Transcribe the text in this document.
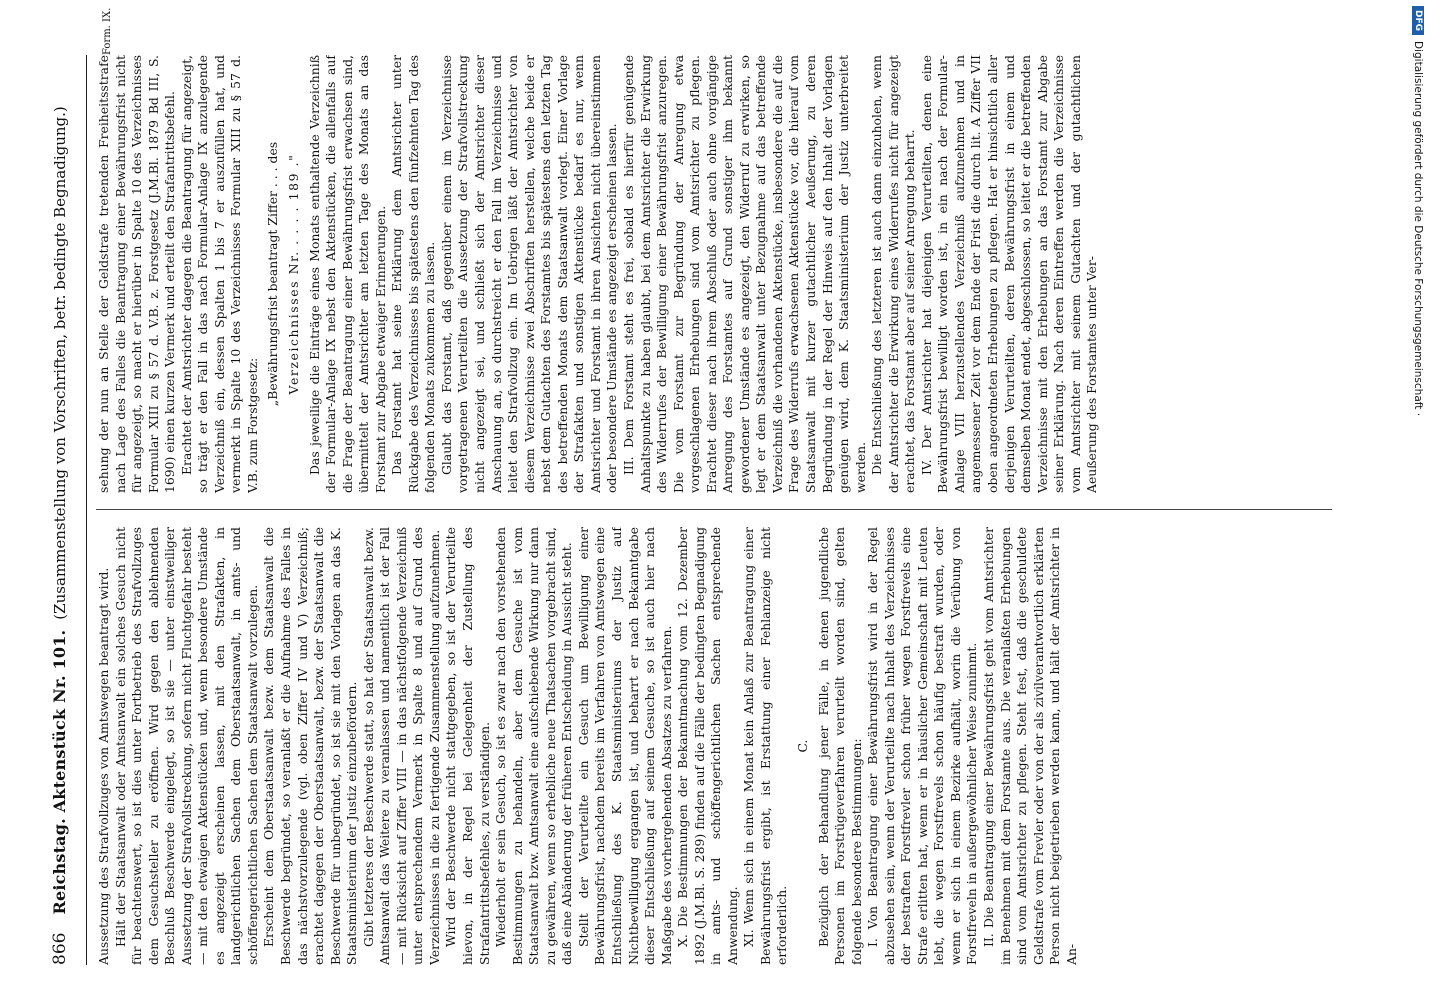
866
Reichstag. Aktenstück Nr. 101.
(Zusammenstellung von Vorschriften, betr. bedingte Begnadigung.)

Aussetzung des Strafvollzuges von Amtswegen beantragt wird. Hält der Staatsanwalt oder Amtsanwalt ein solches Gesuch nicht für beachtenswert, so ist dies unter Fortbetrieb des Strafvollzuges dem Gesuchsteller zu eröffnen. Wird gegen den ablehnenden Beschluß Beschwerde eingelegt, so ist sie — unter einstweiliger Aussetzung der Strafvollstreckung, sofern nicht Fluchtgefahr besteht — mit den etwaigen Aktenstücken und, wenn besondere Umstände es angezeigt erscheinen lassen, mit den Strafakten, in landgerichtlichen Sachen dem Oberstaatsanwalt, in amts- und schöffengerichtlichen Sachen dem Staatsanwalt vorzulegen. Erscheint dem Oberstaatsanwalt bezw. dem Staatsanwalt die Beschwerde begründet, so veranlaßt er die Aufnahme des Falles in das nächstvorzulegende (vgl. oben Ziffer IV und V) Verzeichniß; erachtet dagegen der Oberstaatsanwalt, bezw. der Staatsanwalt die Beschwerde für unbegründet, so ist sie mit den Vorlagen an das K. Staatsministerium der Justiz einzubefördern. Gibt letzteres der Beschwerde statt, so hat der Staatsanwalt bezw. Amtsanwalt das Weitere zu veranlassen und namentlich ist der Fall — mit Rücksicht auf Ziffer VIII — in das nächstfolgende Verzeichniß unter entsprechendem Vermerk in Spalte 8 und auf Grund des Verzeichnisses in die zu fertigende Zusammenstellung aufzunehmen. Wird der Beschwerde nicht stattgegeben, so ist der Verurteilte hievon, in der Regel bei Gelegenheit der Zustellung des Strafantrittsbefehles, zu verständigen. Wiederholt er sein Gesuch, so ist es zwar nach den vorstehenden Bestimmungen zu behandeln, aber dem Gesuche ist vom Staatsanwalt bzw. Amtsanwalt eine aufschiebende Wirkung nur dann zu gewähren, wenn so erhebliche neue Thatsachen vorgebracht sind, daß eine Abänderung der früheren Entscheidung in Aussicht steht. Stellt der Verurteilte ein Gesuch um Bewilligung einer Bewährungsfrist, nachdem bereits im Verfahren von Amtswegen eine Entschließung des K. Staatsministeriums der Justiz auf Nichtbewilligung ergangen ist, und beharrt er nach Bekanntgabe dieser Entschließung auf seinem Gesuche, so ist auch hier nach Maßgabe des vorhergehenden Absatzes zu verfahren. X. Die Bestimmungen der Bekanntmachung vom 12. Dezember 1892 (J.M.Bl. S. 289) finden auf die Fälle der bedingten Begnadigung in amts- und schöffengerichtlichen Sachen entsprechende Anwendung. XI. Wenn sich in einem Monat kein Anlaß zur Beantragung einer Bewährungsfrist ergibt, ist Erstattung einer Fehlanzeige nicht erforderlich.

C. Bezüglich der Behandlung jener Fälle, in denen jugendliche Personen im Forstrügeverfahren verurteilt worden sind, gelten folgende besondere Bestimmungen: I. Von Beantragung einer Bewährungsfrist wird in der Regel abzusehen sein, wenn der Verurteilte nach Inhalt des Verzeichnisses der bestraften Forstfrevler schon früher wegen Forstfrevels eine Strafe erlitten hat, wenn er in häuslicher Gemeinschaft mit Leuten lebt, die wegen Forstfrevels schon häufig bestraft wurden, oder wenn er sich in einem Bezirke aufhält, worin die Verübung von Forstfreveln in außergewöhnlicher Weise zunimmt. II. Die Beantragung einer Bewährungsfrist geht vom Amtsrichter im Benehmen mit dem Forstamte aus. Die veranlaßten Erhebungen sind vom Amtsrichter zu pflegen. Steht fest, daß die geschuldete Geldstrafe vom Frevler oder von der als zivilverantwortlich erklärten Person nicht beigetrieben werden kann, und hält der Amtsrichter in An-

sehung der nun an Stelle der Geldstrafe tretenden Freiheitsstrafe nach Lage des Falles die Beantragung einer Bewährungsfrist nicht für angezeigt, so macht er hierüber in Spalte 10 des Verzeichnisses Formular XIII zu § 57 d. V.B. z. Forstgesetz (J.M.Bl. 1879 Bd III, S. 1690) einen kurzen Vermerk und erteilt den Strafantrittsbefehl. Erachtet der Amtsrichter dagegen die Beantragung für angezeigt, so trägt er den Fall in das nach Formular-Anlage IX anzulegende Verzeichniß ein, dessen Spalten 1 bis 7 er auszufüllen hat, und vermerkt in Spalte 10 des Verzeichnisses Formular XIII zu § 57 d. V.B. zum Forstgesetz:

„Bewährungsfrist beantragt Ziffer . . . des Verzeichnisses Nr. . . . . 189 ." Das jeweilige die Einträge eines Monats enthaltende Verzeichniß der Formular-Anlage IX nebst den Aktenstücken, die allenfalls auf die Frage der Beantragung einer Bewährungsfrist erwachsen sind, übermittelt der Amtsrichter am letzten Tage des Monats an das Forstamt zur Abgabe etwaiger Erinnerungen. Das Forstamt hat seine Erklärung dem Amtsrichter unter Rückgabe des Verzeichnisses bis spätestens den fünfzehnten Tag des folgenden Monats zukommen zu lassen. Glaubt das Forstamt, daß gegenüber einem im Verzeichnisse vorgetragenen Verurteilten die Aussetzung der Strafvollstreckung nicht angezeigt sei, und schließt sich der Amtsrichter dieser Anschauung an, so durchstreicht er den Fall im Verzeichnisse und leitet den Strafvollzug ein. Im Uebrigen läßt der Amtsrichter von diesem Verzeichnisse zwei Abschriften herstellen, welche beide er nebst dem Gutachten des Forstamtes bis spätestens den letzten Tag des betreffenden Monats dem Staatsanwalt vorlegt. Einer Vorlage der Strafakten und sonstigen Aktenstücke bedarf es nur, wenn Amtsrichter und Forstamt in ihren Ansichten nicht übereinstimmen oder besondere Umstände es angezeigt erscheinen lassen. III. Dem Forstamt steht es frei, sobald es hierfür genügende Anhaltspunkte zu haben glaubt, bei dem Amtsrichter die Erwirkung des Widerrufes der Bewilligung einer Bewährungsfrist anzuregen. Die vom Forstamt zur Begründung der Anregung etwa vorgeschlagenen Erhebungen sind vom Amtsrichter zu pflegen. Erachtet dieser nach ihrem Abschluß oder auch ohne vorgängige Anregung des Forstamtes auf Grund sonstiger ihm bekannt gewordener Umstände es angezeigt, den Widerruf zu erwirken, so legt er dem Staatsanwalt unter Bezugnahme auf das betreffende Verzeichniß die vorhandenen Aktenstücke, insbesondere die auf die Frage des Widerrufs erwachsenen Aktenstücke vor, die hierauf vom Staatsanwalt mit kurzer gutachtlicher Aeußerung, zu deren Begründung in der Regel der Hinweis auf den Inhalt der Vorlagen genügen wird, dem K. Staatsministerium der Justiz unterbreitet werden. Die Entschließung des letzteren ist auch dann einzuholen, wenn der Amtsrichter die Erwirkung eines Widerrufes nicht für angezeigt erachtet, das Forstamt aber auf seiner Anregung beharrt. IV. Der Amtsrichter hat diejenigen Verurteilten, denen eine Bewährungsfrist bewilligt worden ist, in ein nach der Formular-Anlage VIII herzustellendes Verzeichniß aufzunehmen und in angemessener Zeit vor dem Ende der Frist die durch lit. A Ziffer VII oben angeordneten Erhebungen zu pflegen. Hat er hinsichtlich aller derjenigen Verurteilten, deren Bewährungsfrist in einem und demselben Monat endet, abgeschlossen, so leitet er die betreffenden Verzeichnisse mit den Erhebungen an das Forstamt zur Abgabe seiner Erklärung. Nach deren Eintreffen werden die Verzeichnisse vom Amtsrichter mit seinem Gutachten und der gutachtlichen Aeußerung des Forstamtes unter Ver-

Form. IX.	DFG
Digitalisierung gefördert durch die Deutsche Forschungsgemeinschaft ·
